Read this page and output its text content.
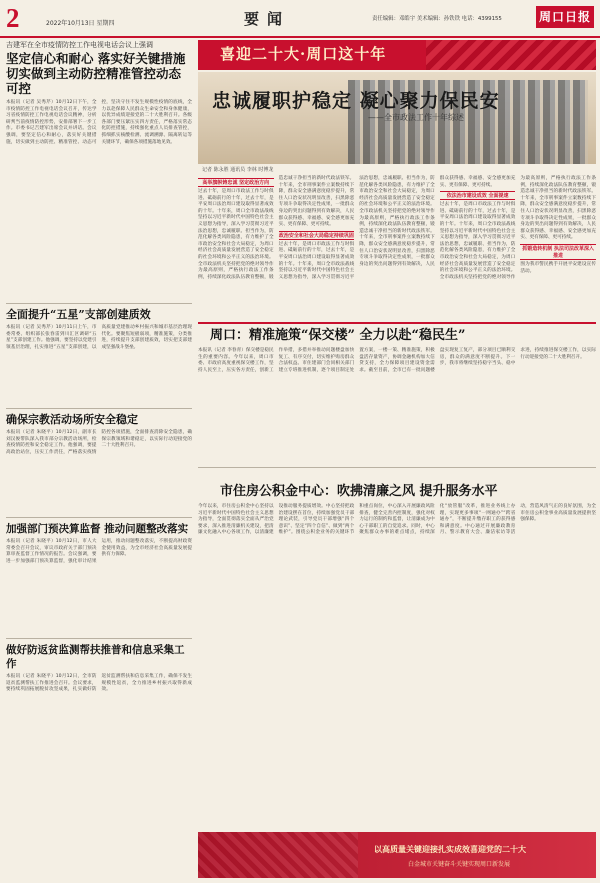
2	2022年10月13日 星期四	要闻	责任编辑：邓皓宇 美术编辑：孙铁铁 电话：4399155	周口日报
吉建军在全市疫情防控工作电视电话会议上强调
坚定信心和耐心 落实好关键措施 切实做到主动防控精准管控动态可控
本报讯（记者 吴秀芹）10月12日下午，全市疫情防控工作电视电话会议召开，传达学习省疫情防控工作电视电话会议精神，分析研判当前疫情防控形势，安排部署下一步工作。市委书记吉建军出席会议并讲话。会议强调，要坚定信心和耐心，落实好关键措施，切实做到主动防控、精准管控、动态可控，坚决守住不发生规模性疫情的底线，全力以赴保障人民群众生命安全和身体健康，以优异成绩迎接党的二十大胜利召开。各级各部门要压紧压实四方责任，严格落实常态化防控措施，持续强化重点人员排查管控，抓细抓实核酸检测、流调溯源、隔离转运等关键环节，确保各项措施落地见效。
全面提升“五星”支部创建质效
本报讯（记者 吴秀芹）10月11日上午，市委常委、组织部长张春雷到川汇区调研“五星”支部创建工作。他强调，要坚持以党建引领基层治理，扎实推进“五星”支部创建，以高质量党建推动乡村振兴和城市基层治理现代化。要聚焦短板弱项，精准施策，分类推进，持续提升支部创建质效，切实把支部建成坚强战斗堡垒。
确保宗教活动场所安全稳定
本报讯（记者 朱晓平）10月12日，副市长刘汉俊带队深入我市部分宗教活动场所，检查疫情防控和安全稳定工作。他强调，要提高政治站位，压实工作责任，严格落实疫情防控各项措施，全面排查消除安全隐患，确保宗教领域和谐稳定，以实际行动迎接党的二十大胜利召开。
加强部门预决算监督 推动问题整改落实
本报讯（记者 朱晓平）10月12日，市人大常委会召开会议，审议市政府关于部门预决算审查监督工作情况的报告。会议强调，要进一步加强部门预决算监督，强化审计结果运用，推动问题整改落实，不断提高财政资金使用效益，为全市经济社会高质量发展提供有力保障。
做好防返贫监测帮扶推普和信息采集工作
本报讯（记者 朱晓平）10月12日，全市防返贫监测帮扶工作推进会召开。会议要求，要持续巩固拓展脱贫攻坚成果，扎实做好防返贫监测帮扶和信息采集工作，确保不发生规模性返贫，全力推进乡村振兴取得新成效。
喜迎二十大·周口这十年
忠诚履职护稳定 凝心聚力保民安
——全市政法工作十年综述
记者 陈永胜 通讯员 李林 时博龙
高举旗帜铸忠诚 坚定政治方向
过去十年，是周口市政法工作与时俱进、砥砺前行的十年，过去十年，是平安周口法治周口建设取得显著成效的十年。十年来，周口全市政法战线坚持以习近平新时代中国特色社会主义思想为指导，深入学习贯彻习近平法治思想，忠诚履职、担当作为，防范化解各类风险隐患，有力维护了全市政治安全和社会大局稳定，为周口经济社会高质量发展营造了安全稳定的社会环境和公平正义的法治环境。全市政法机关坚持把党的绝对领导作为最高原则，严格执行政法工作条例，持续深化政法队伍教育整顿，锻造忠诚干净担当的新时代政法铁军。十年来，全市刑事案件立案数持续下降，群众安全感满意度稳步提升，常住人口治安状况明显改善，扫黑除恶专项斗争取得决定性成果，一批群众身边的突出问题得到有效解决，人民群众获得感、幸福感、安全感更加充实、更有保障、更可持续。
政治安全和社会大局稳定持续巩固
过去十年，是周口市政法工作与时俱进、砥砺前行的十年，过去十年，是平安周口法治周口建设取得显著成效的十年。十年来，周口全市政法战线坚持以习近平新时代中国特色社会主义思想为指导，深入学习贯彻习近平法治思想，忠诚履职、担当作为，防范化解各类风险隐患，有力维护了全市政治安全和社会大局稳定，为周口经济社会高质量发展营造了安全稳定的社会环境和公平正义的法治环境。全市政法机关坚持把党的绝对领导作为最高原则，严格执行政法工作条例，持续深化政法队伍教育整顿，锻造忠诚干净担当的新时代政法铁军。十年来，全市刑事案件立案数持续下降，群众安全感满意度稳步提升，常住人口治安状况明显改善，扫黑除恶专项斗争取得决定性成果，一批群众身边的突出问题得到有效解决，人民群众获得感、幸福感、安全感更加充实、更有保障、更可持续。
依法治市建设成效 全面提速
过去十年，是周口市政法工作与时俱进、砥砺前行的十年，过去十年，是平安周口法治周口建设取得显著成效的十年。十年来，周口全市政法战线坚持以习近平新时代中国特色社会主义思想为指导，深入学习贯彻习近平法治思想，忠诚履职、担当作为，防范化解各类风险隐患，有力维护了全市政治安全和社会大局稳定，为周口经济社会高质量发展营造了安全稳定的社会环境和公平正义的法治环境。全市政法机关坚持把党的绝对领导作为最高原则，严格执行政法工作条例，持续深化政法队伍教育整顿，锻造忠诚干净担当的新时代政法铁军。十年来，全市刑事案件立案数持续下降，群众安全感满意度稳步提升，常住人口治安状况明显改善，扫黑除恶专项斗争取得决定性成果，一批群众身边的突出问题得到有效解决，人民群众获得感、幸福感、安全感更加充实、更有保障、更可持续。
抓锻造转机制 执法司法改革深入推进
图为我市警民携手开展平安建设宣传活动。
周口：精准施策“保交楼” 全力以赴“稳民生”
本报讯（记者 李春青）保交楼是稳民生的重要内容。今年以来，周口市委、市政府高度重视保交楼工作，坚持人民至上，压实各方责任，创新工作举措，多措并举推动问题楼盘加快复工、有序交付，切实维护购房群众合法权益。市住建部门会同相关部门建立专班推进机制，逐个项目制定处置方案，一楼一策、精准施策，积极盘活存量资产，协调金融机构加大信贷支持，全力保障项目建设资金需求。截至目前，全市已有一批问题楼盘实现复工复产，部分项目已顺利交房，群众的满意度不断提升。下一步，我市将继续坚持稳字当头、稳中求进，持续推进保交楼工作，以实际行动迎接党的二十大胜利召开。
市住房公积金中心：吹拂清廉之风 提升服务水平
今年以来，市住房公积金中心坚持以习近平新时代中国特色社会主义思想为指导，全面贯彻落实全面从严治党要求，深入推进清廉机关建设，把清廉文化融入中心各项工作，以清廉建设推动服务提质增效。中心坚持把政治建设摆在首位，持续加强党员干部理论武装，引导党员干部增强“四个意识”、坚定“四个自信”、做到“两个维护”。围绕公积金业务的关键环节和重点岗位，中心深入开展廉政风险排查，健全完善内控制度，强化对权力运行的制约和监督，让清廉成为中心干部职工的自觉追求。同时，中心聚焦群众办事的难点堵点，持续深化“放管服”改革，推进业务线上办理，实现更多事项“一网通办”“跨省通办”，不断提升缴存职工的获得感和满意度。中心通过开展廉政教育月、警示教育大会、廉洁家访等活动，营造风清气正的良好氛围，为全市住房公积金事业高质量发展提供坚强保障。
以高质量关键迎接扎实成效喜迎党的二十大
白金城市关键奋斗关键实现周口新发展
